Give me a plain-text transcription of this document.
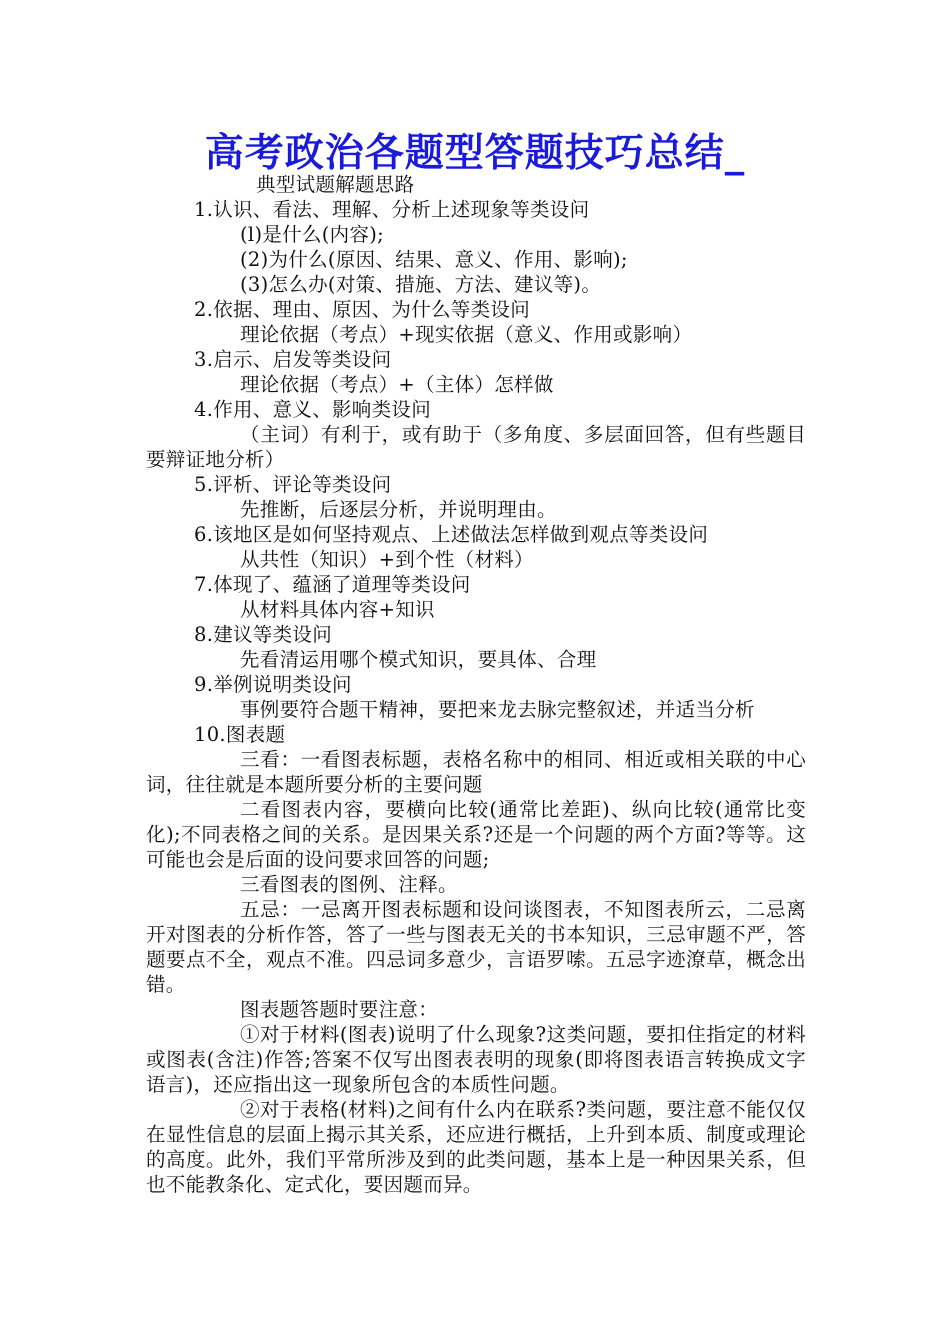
高考政治各题型答题技巧总结_

典型试题解题思路

1.认识、看法、理解、分析上述现象等类设问

(l)是什么(内容);

(2)为什么(原因、结果、意义、作用、影响);

(3)怎么办(对策、措施、方法、建议等)。

2.依据、理由、原因、为什么等类设问

理论依据（考点）+现实依据（意义、作用或影响）

3.启示、启发等类设问

理论依据（考点）+（主体）怎样做

4.作用、意义、影响类设问

（主词）有利于，或有助于（多角度、多层面回答，但有些题目要辩证地分析）

5.评析、评论等类设问

先推断，后逐层分析，并说明理由。

6.该地区是如何坚持观点、上述做法怎样做到观点等类设问

从共性（知识）+到个性（材料）

7.体现了、蕴涵了道理等类设问

从材料具体内容+知识

8.建议等类设问

先看清运用哪个模式知识，要具体、合理

9.举例说明类设问

事例要符合题干精神，要把来龙去脉完整叙述，并适当分析

10.图表题

三看：一看图表标题，表格名称中的相同、相近或相关联的中心词，往往就是本题所要分析的主要问题

二看图表内容，要横向比较(通常比差距)、纵向比较(通常比变化);不同表格之间的关系。是因果关系?还是一个问题的两个方面?等等。这可能也会是后面的设问要求回答的问题;

三看图表的图例、注释。

五忌：一忌离开图表标题和设问谈图表，不知图表所云，二忌离开对图表的分析作答，答了一些与图表无关的书本知识，三忌审题不严，答题要点不全，观点不准。四忌词多意少，言语罗嗦。五忌字迹潦草，概念出错。

图表题答题时要注意：

①对于材料(图表)说明了什么现象?这类问题，要扣住指定的材料或图表(含注)作答;答案不仅写出图表表明的现象(即将图表语言转换成文字语言)，还应指出这一现象所包含的本质性问题。

②对于表格(材料)之间有什么内在联系?类问题，要注意不能仅仅在显性信息的层面上揭示其关系，还应进行概括，上升到本质、制度或理论的高度。此外，我们平常所涉及到的此类问题，基本上是一种因果关系，但也不能教条化、定式化，要因题而异。
